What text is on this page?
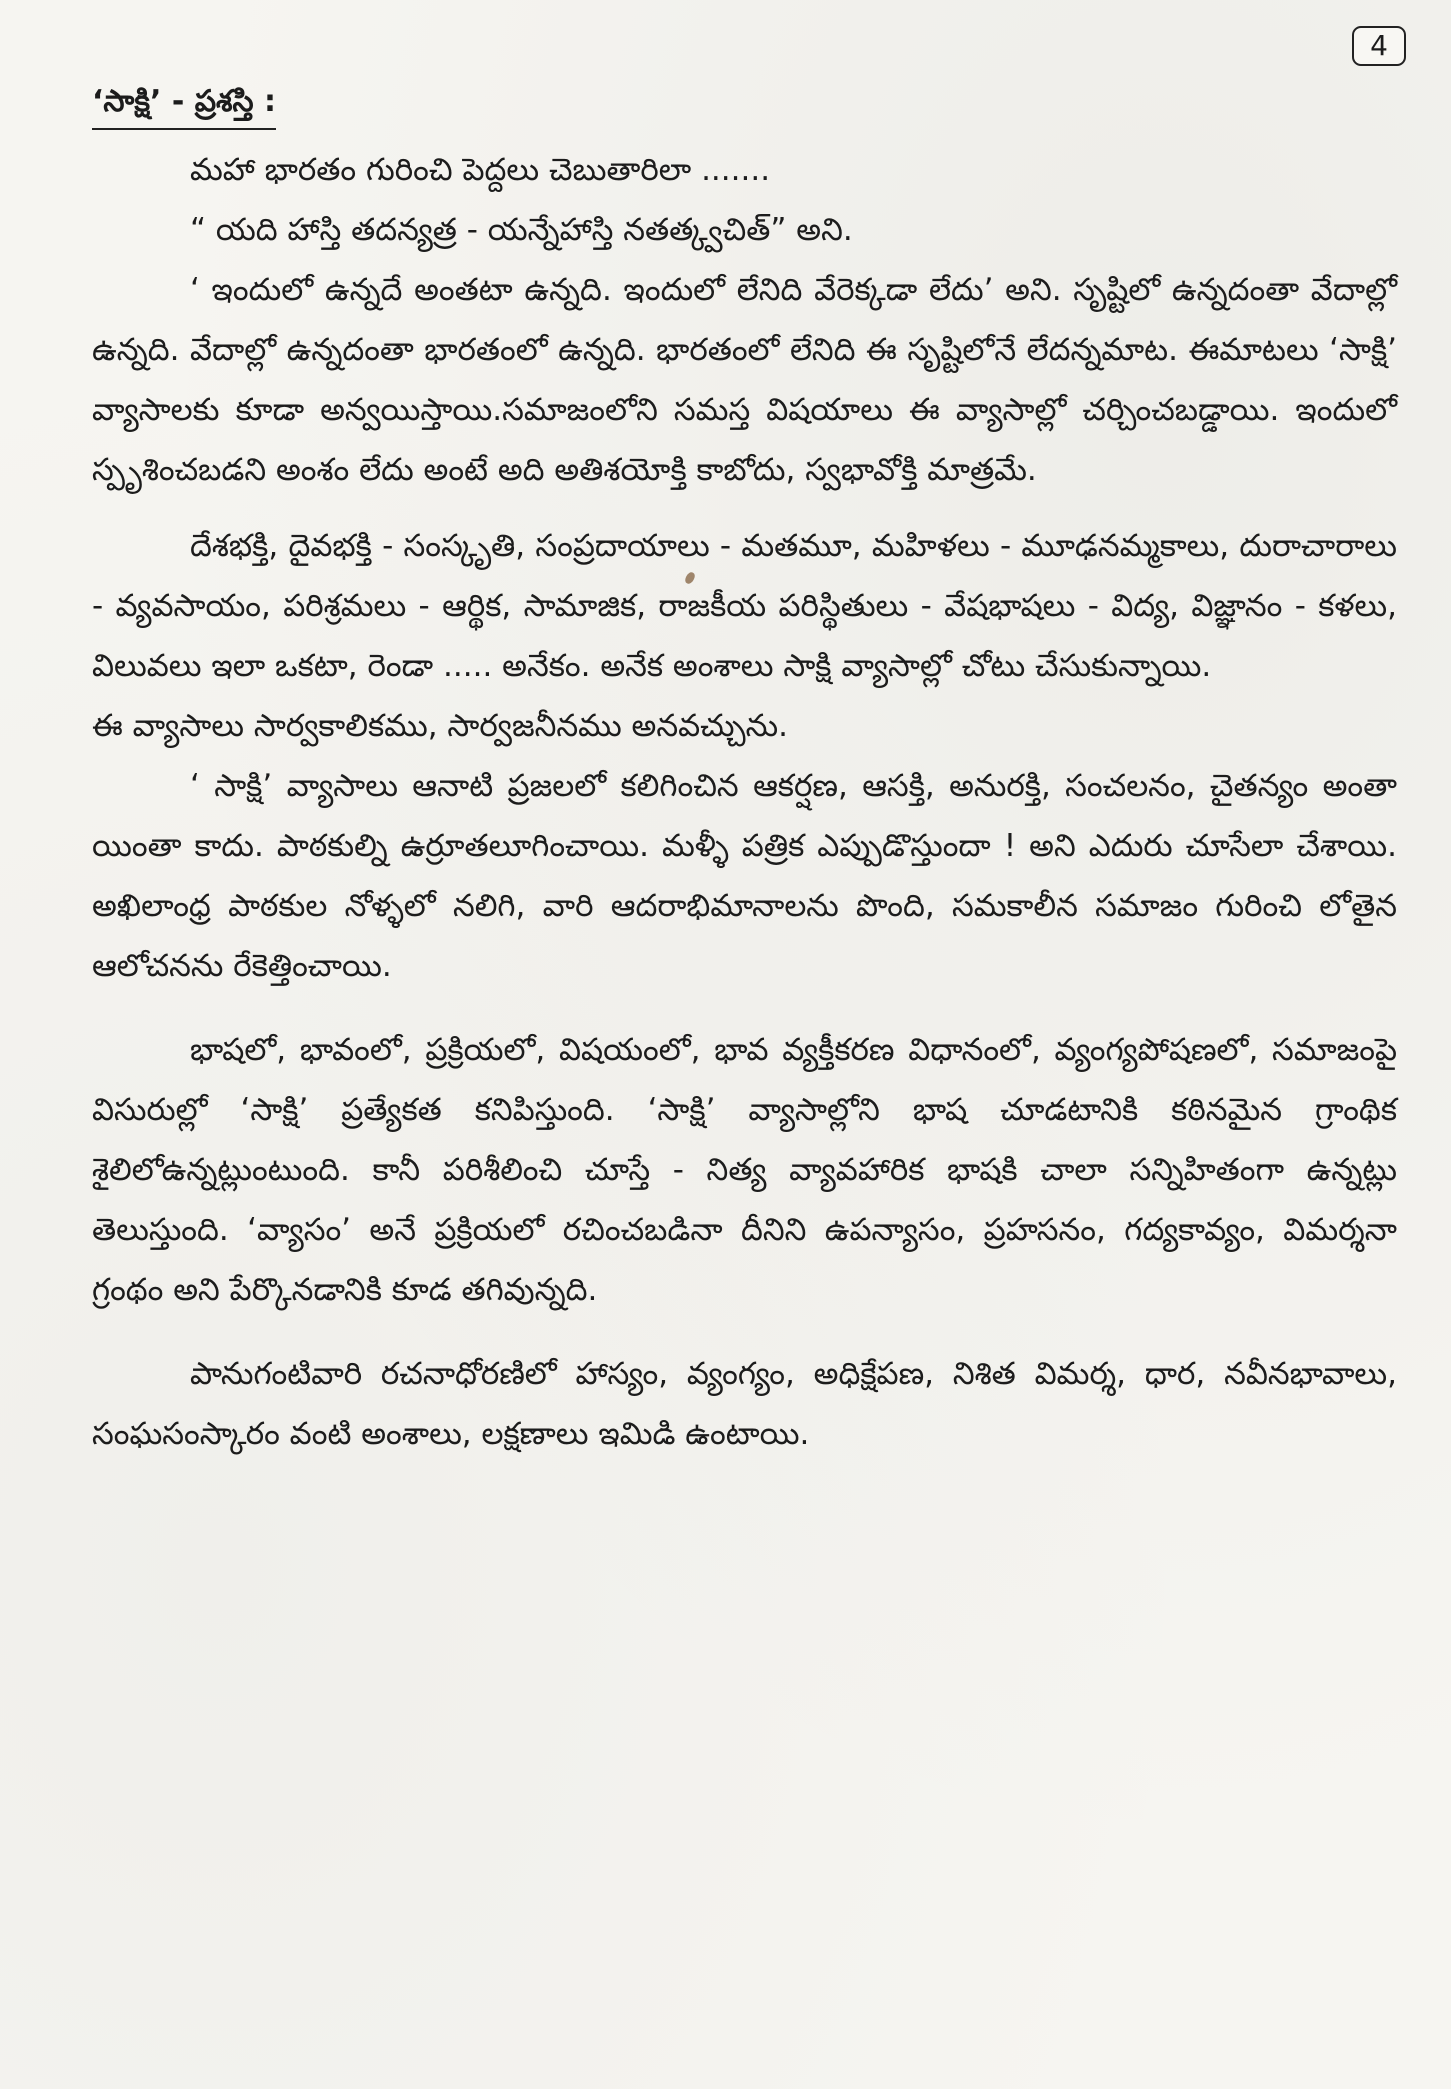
4
‘సాక్షి’ - ప్రశస్తి :

మహా భారతం గురించి పెద్దలు చెబుతారిలా .......

“ యది హాస్తి తదన్యత్ర - యన్నేహాస్తి నతత్క్వచిత్” అని.

‘ ఇందులో ఉన్నదే అంతటా ఉన్నది. ఇందులో లేనిది వేరెక్కడా లేదు’ అని. సృష్టిలో ఉన్నదంతా వేదాల్లో ఉన్నది. వేదాల్లో ఉన్నదంతా భారతంలో ఉన్నది. భారతంలో లేనిది ఈ సృష్టిలోనే లేదన్నమాట. ఈమాటలు ‘సాక్షి’ వ్యాసాలకు కూడా అన్వయిస్తాయి.సమాజంలోని సమస్త విషయాలు ఈ వ్యాసాల్లో చర్చించబడ్డాయి. ఇందులో స్పృశించబడని అంశం లేదు అంటే అది అతిశయోక్తి కాబోదు, స్వభావోక్తి మాత్రమే.

దేశభక్తి, దైవభక్తి - సంస్కృతి, సంప్రదాయాలు - మతమూ, మహిళలు - మూఢనమ్మకాలు, దురాచారాలు - వ్యవసాయం, పరిశ్రమలు - ఆర్థిక, సామాజిక, రాజకీయ పరిస్థితులు - వేషభాషలు - విద్య, విజ్ఞానం - కళలు, విలువలు ఇలా ఒకటా, రెండా ..... అనేకం. అనేక అంశాలు సాక్షి వ్యాసాల్లో చోటు చేసుకున్నాయి.

ఈ వ్యాసాలు సార్వకాలికము, సార్వజనీనము అనవచ్చును.

‘ సాక్షి’ వ్యాసాలు ఆనాటి ప్రజలలో కలిగించిన ఆకర్షణ, ఆసక్తి, అనురక్తి, సంచలనం, చైతన్యం అంతా యింతా కాదు. పాఠకుల్ని ఉర్రూతలూగించాయి. మళ్ళీ పత్రిక ఎప్పుడొస్తుందా ! అని ఎదురు చూసేలా చేశాయి. అఖిలాంధ్ర పాఠకుల నోళ్ళలో నలిగి, వారి ఆదరాభిమానాలను పొంది, సమకాలీన సమాజం గురించి లోతైన ఆలోచనను రేకెత్తించాయి.

భాషలో, భావంలో, ప్రక్రియలో, విషయంలో, భావ వ్యక్తీకరణ విధానంలో, వ్యంగ్యపోషణలో, సమాజంపై విసురుల్లో ‘సాక్షి’ ప్రత్యేకత కనిపిస్తుంది. ‘సాక్షి’ వ్యాసాల్లోని భాష చూడటానికి కఠినమైన గ్రాంథిక శైలిలోఉన్నట్లుంటుంది. కానీ పరిశీలించి చూస్తే - నిత్య వ్యావహారిక భాషకి చాలా సన్నిహితంగా ఉన్నట్లు తెలుస్తుంది. ‘వ్యాసం’ అనే ప్రక్రియలో రచించబడినా దీనిని ఉపన్యాసం, ప్రహసనం, గద్యకావ్యం, విమర్శనా గ్రంథం అని పేర్కొనడానికి కూడ తగివున్నది.

పానుగంటివారి రచనాధోరణిలో హాస్యం, వ్యంగ్యం, అధిక్షేపణ, నిశిత విమర్శ, ధార, నవీనభావాలు, సంఘసంస్కారం వంటి అంశాలు, లక్షణాలు ఇమిడి ఉంటాయి.
